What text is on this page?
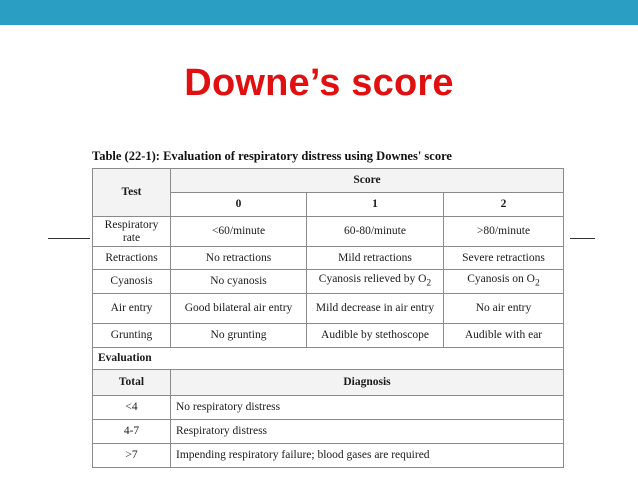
Downe’s score
Table (22-1): Evaluation of respiratory distress using Downes' score
Test	Score		
	0	1	2
Respiratory rate	<60/minute	60-80/minute	>80/minute
Retractions	No retractions	Mild retractions	Severe retractions
Cyanosis	No cyanosis	Cyanosis relieved by $O_2$	Cyanosis on $O_2$
Air entry	Good bilateral air entry	Mild decrease in air entry	No air entry
Grunting	No grunting	Audible by stethoscope	Audible with ear
Evaluation			
Total	Diagnosis		
<4	No respiratory distress		
4-7	Respiratory distress		
>7	Impending respiratory failure; blood gases are required		
